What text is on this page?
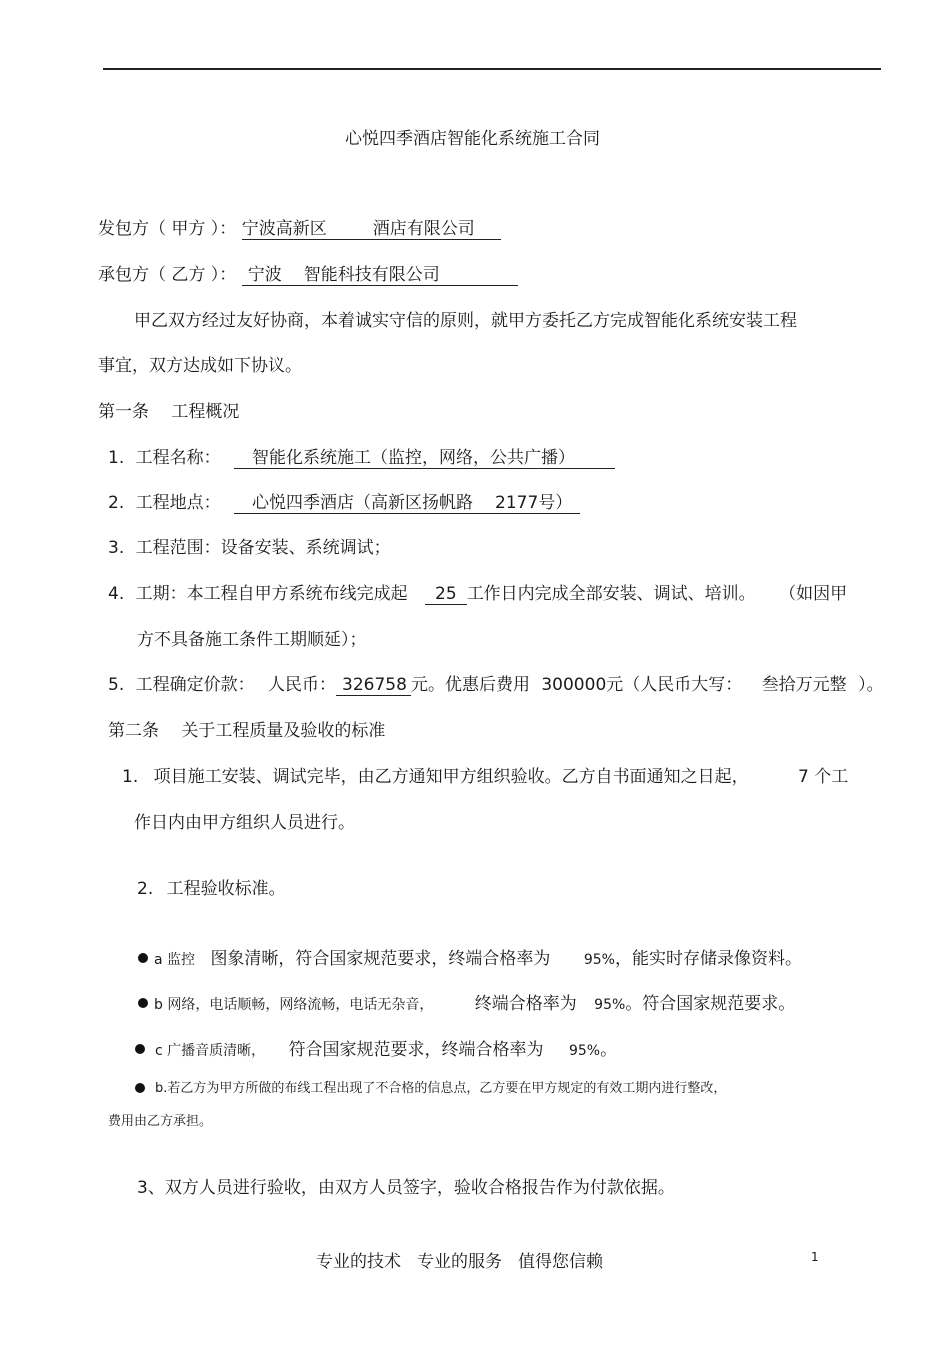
心悦四季酒店智能化系统施工合同
发包方（ 甲方 ）： 宁波高新区	酒店有限公司
承包方（ 乙方 ）： 宁波 智能科技有限公司
甲乙双方经过友好协商，本着诚实守信的原则，就甲方委托乙方完成智能化系统安装工程
事宜，双方达成如下协议。
第一条　 工程概况
1. 工程名称： 智能化系统施工（监控，网络，公共广播）
2. 工程地点： 心悦四季酒店（高新区扬帆路 2177号）
3. 工程范围：设备安装、系统调试；
4. 工期：本工程自甲方系统布线完成起 25 工作日内完成全部安装、调试、培训。 （如因甲
方不具备施工条件工期顺延）；
5. 工程确定价款： 人民币： 326758 元。优惠后费用 300000元（人民币大写： 叁拾万元整 ）。
第二条　 关于工程质量及验收的标准
1. 项目施工安装、调试完毕，由乙方通知甲方组织验收。乙方自书面通知之日起，	7 个工
作日内由甲方组织人员进行。
2. 工程验收标准。
a 监控 图象清晰，符合国家规范要求，终端合格率为 95%，能实时存储录像资料。
b 网络，电话顺畅，网络流畅，电话无杂音， 终端合格率为 95%。符合国家规范要求。
c 广播音质清晰， 符合国家规范要求，终端合格率为 95%。
b.若乙方为甲方所做的布线工程出现了不合格的信息点，乙方要在甲方规定的有效工期内进行整改，
费用由乙方承担。
3、双方人员进行验收，由双方人员签字，验收合格报告作为付款依据。
专业的技术 专业的服务 值得您信赖	1
